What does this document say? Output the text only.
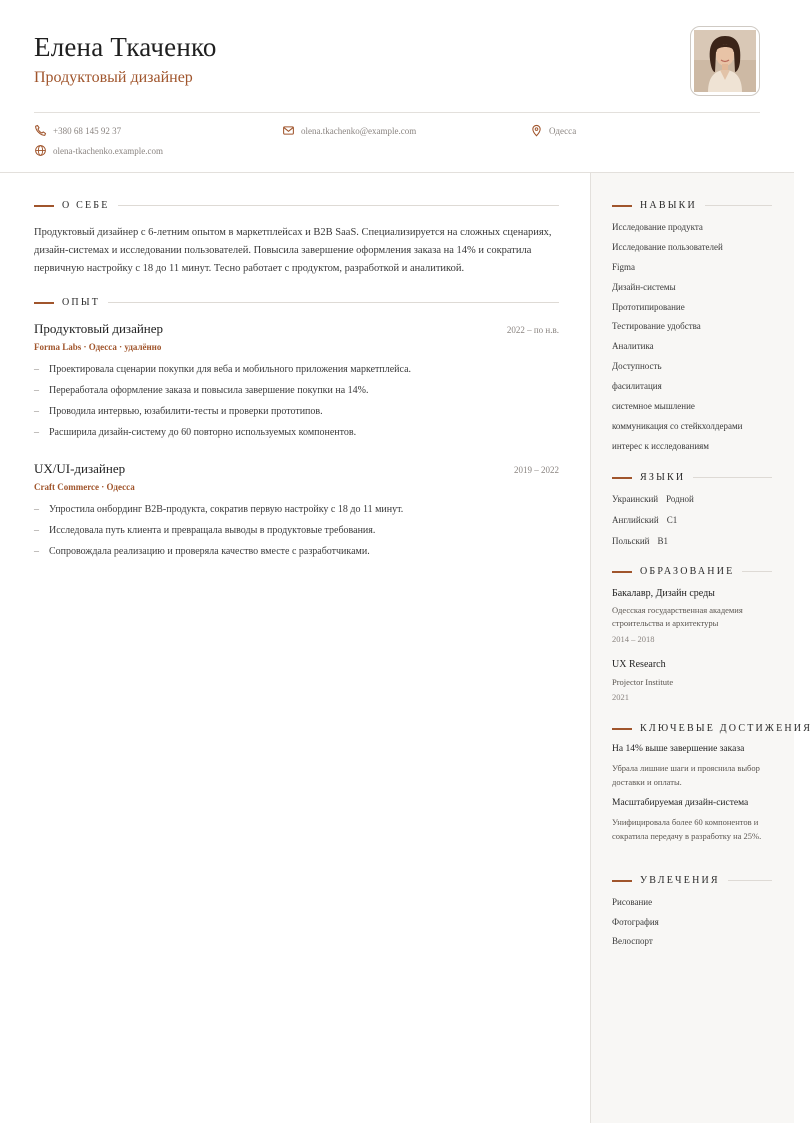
Елена Ткаченко
Продуктовый дизайнер
+380 68 145 92 37	olena.tkachenko@example.com	Одесса
olena-tkachenko.example.com
О СЕБЕ

Продуктовый дизайнер с 6-летним опытом в маркетплейсах и B2B SaaS. Специализируется на сложных сценариях, дизайн-системах и исследовании пользователей. Повысила завершение оформления заказа на 14% и сократила первичную настройку с 18 до 11 минут. Тесно работает с продуктом, разработкой и аналитикой.

ОПЫТ
Продуктовый дизайнер	2022 – по н.в.
Forma Labs · Одесса · удалённо
– Проектировала сценарии покупки для веба и мобильного приложения маркетплейса.
– Переработала оформление заказа и повысила завершение покупки на 14%.
– Проводила интервью, юзабилити-тесты и проверки прототипов.
– Расширила дизайн-систему до 60 повторно используемых компонентов.
UX/UI-дизайнер	2019 – 2022
Craft Commerce · Одесса
– Упростила онбординг B2B-продукта, сократив первую настройку с 18 до 11 минут.
– Исследовала путь клиента и превращала выводы в продуктовые требования.
– Сопровождала реализацию и проверяла качество вместе с разработчиками.
НАВЫКИ
Исследование продукта
Исследование пользователей
Figma
Дизайн-системы
Прототипирование
Тестирование удобства
Аналитика
Доступность
фасилитация
системное мышление
коммуникация со стейкхолдерами
интерес к исследованиям
ЯЗЫКИ
Украинский Родной
Английский C1
Польский B1
ОБРАЗОВАНИЕ
Бакалавр, Дизайн среды
Одесская государственная академия строительства и архитектуры
2014 – 2018
UX Research
Projector Institute
2021
КЛЮЧЕВЫЕ ДОСТИЖЕНИЯ
На 14% выше завершение заказа
Убрала лишние шаги и прояснила выбор доставки и оплаты.
Масштабируемая дизайн-система
Унифицировала более 60 компонентов и сократила передачу в разработку на 25%.
УВЛЕЧЕНИЯ
Рисование
Фотография
Велоспорт
